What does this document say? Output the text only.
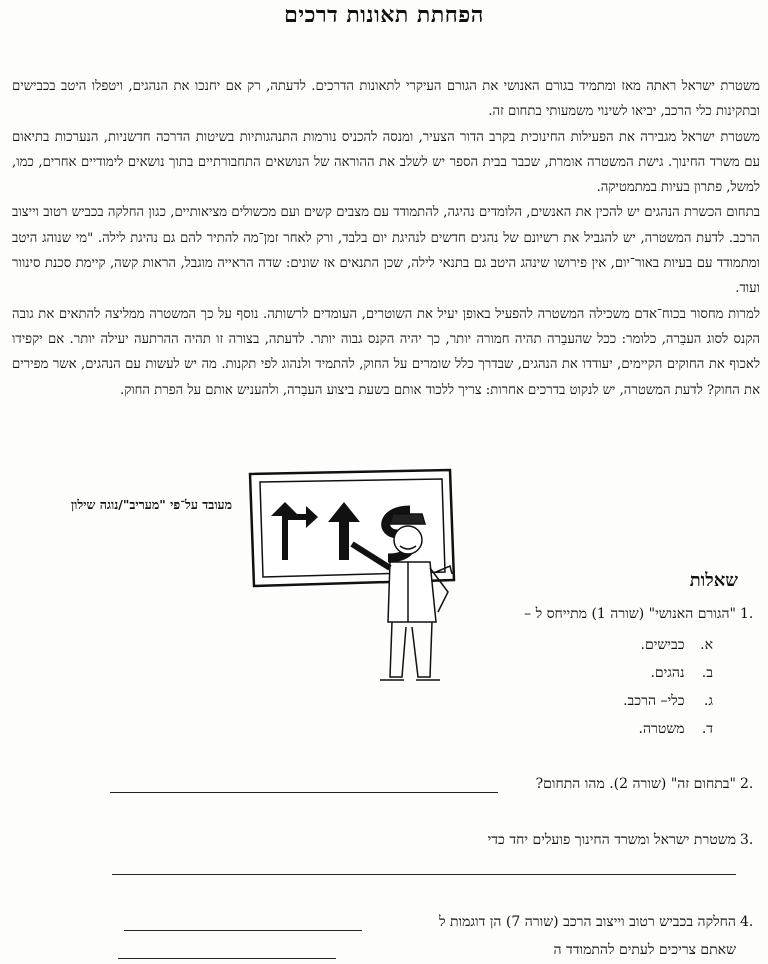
הפחתת תאונות דרכים

משטרת ישראל ראתה מאז ומתמיד בגורם האנושי את הגורם העיקרי לתאונות הדרכים. לדעתה, רק אם יחנכו את הנהגים, ויטפלו היטב בכבישים ובתקינות כלי הרכב, יביאו לשינוי משמעותי בתחום זה.

משטרת ישראל מגבירה את הפעילות החינוכית בקרב הדור הצעיר, ומנסה להכניס נורמות התנהגותיות בשיטות הדרכה חדשניות, הנערכות בתיאום עם משרד החינוך. גישת המשטרה אומרת, שכבר בבית הספר יש לשלב את ההוראה של הנושאים התחבורתיים בתוך נושאים לימודיים אחרים, כמו, למשל, פתרון בעיות במתמטיקה.

בתחום הכשרת הנהגים יש להכין את האנשים, הלומדים נהיגה, להתמודד עם מצבים קשים ועם מכשולים מציאותיים, כגון החלקה בכביש רטוב וייצוב הרכב. לדעת המשטרה, יש להגביל את רשיונם של נהגים חדשים לנהיגת יום בלבד, ורק לאחר זמן־מה להתיר להם גם נהיגת לילה. "מי שנוהג היטב ומתמודד עם בעיות באור־יום, אין פירושו שינהג היטב גם בתנאי לילה, שכן התנאים אז שונים: שדה הראייה מוגבל, הראות קשה, קיימת סכנת סינוור ועוד.

למרות מחסור בכוח־אדם משכילה המשטרה להפעיל באופן יעיל את השוטרים, העומדים לרשותה. נוסף על כך המשטרה ממליצה להתאים את גובה הקנס לסוג העבֵרה, כלומר: ככל שהעבֵרה תהיה חמורה יותר, כך יהיה הקנס גבוה יותר. לדעתה, בצורה זו תהיה ההרתעה יעילה יותר. אם יקפידו לאכוף את החוקים הקיימים, יעודדו את הנהגים, שבדרך כלל שומרים על החוק, להתמיד ולנהוג לפי תקנות. מה יש לעשות עם הנהגים, אשר מפירים את החוק? לדעת המשטרה, יש לנקוט בדרכים אחרות: צריך ללכוד אותם בשעת ביצוע העבֵרה, ולהעניש אותם על הפרת החוק.

מעובד על־פי "מעריב"/נוגה שילון
שאלות
1.
"הגורם האנושי" (שורה 1) מתייחס ל –
א. כבישים.
ב. נהגים.
ג. כלי– הרכב.
ד. משטרה.
2.
"בתחום זה" (שורה 2). מהו התחום?
3.
משטרת ישראל ומשרד החינוך פועלים יחד כדי
4.
החלקה בכביש רטוב וייצוב הרכב (שורה 7) הן דוגמות ל
שאתם צריכים לעתים להתמודד ה
